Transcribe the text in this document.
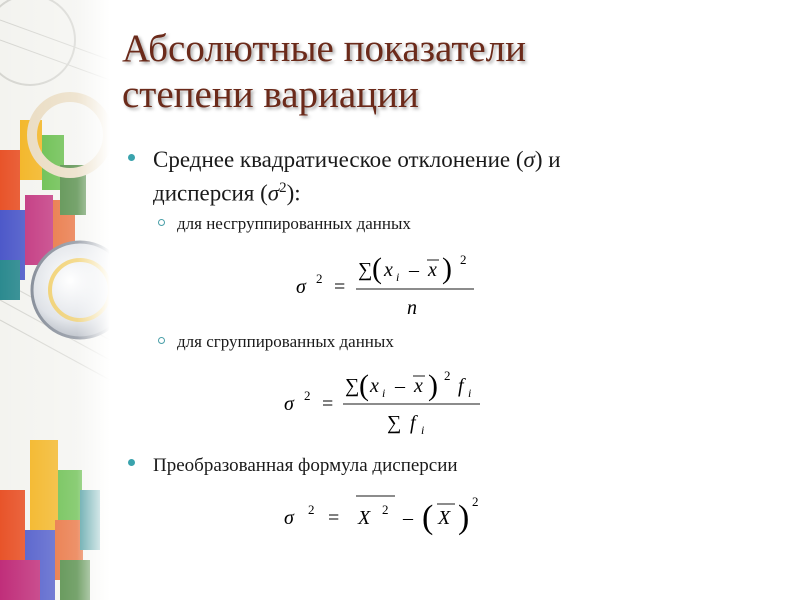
Абсолютные показатели
степени вариации
Среднее квадратическое отклонение (σ) и
дисперсия $(\sigma^2)$:
для несгруппированных данных
σ 2 =
∑ ( x i – x ) 2
n
для сгруппированных данных
σ 2 =
∑ ( x i – x ) 2 f i
∑ f i
Преобразованная формула дисперсии
σ 2 = X 2 – ( X ) 2
